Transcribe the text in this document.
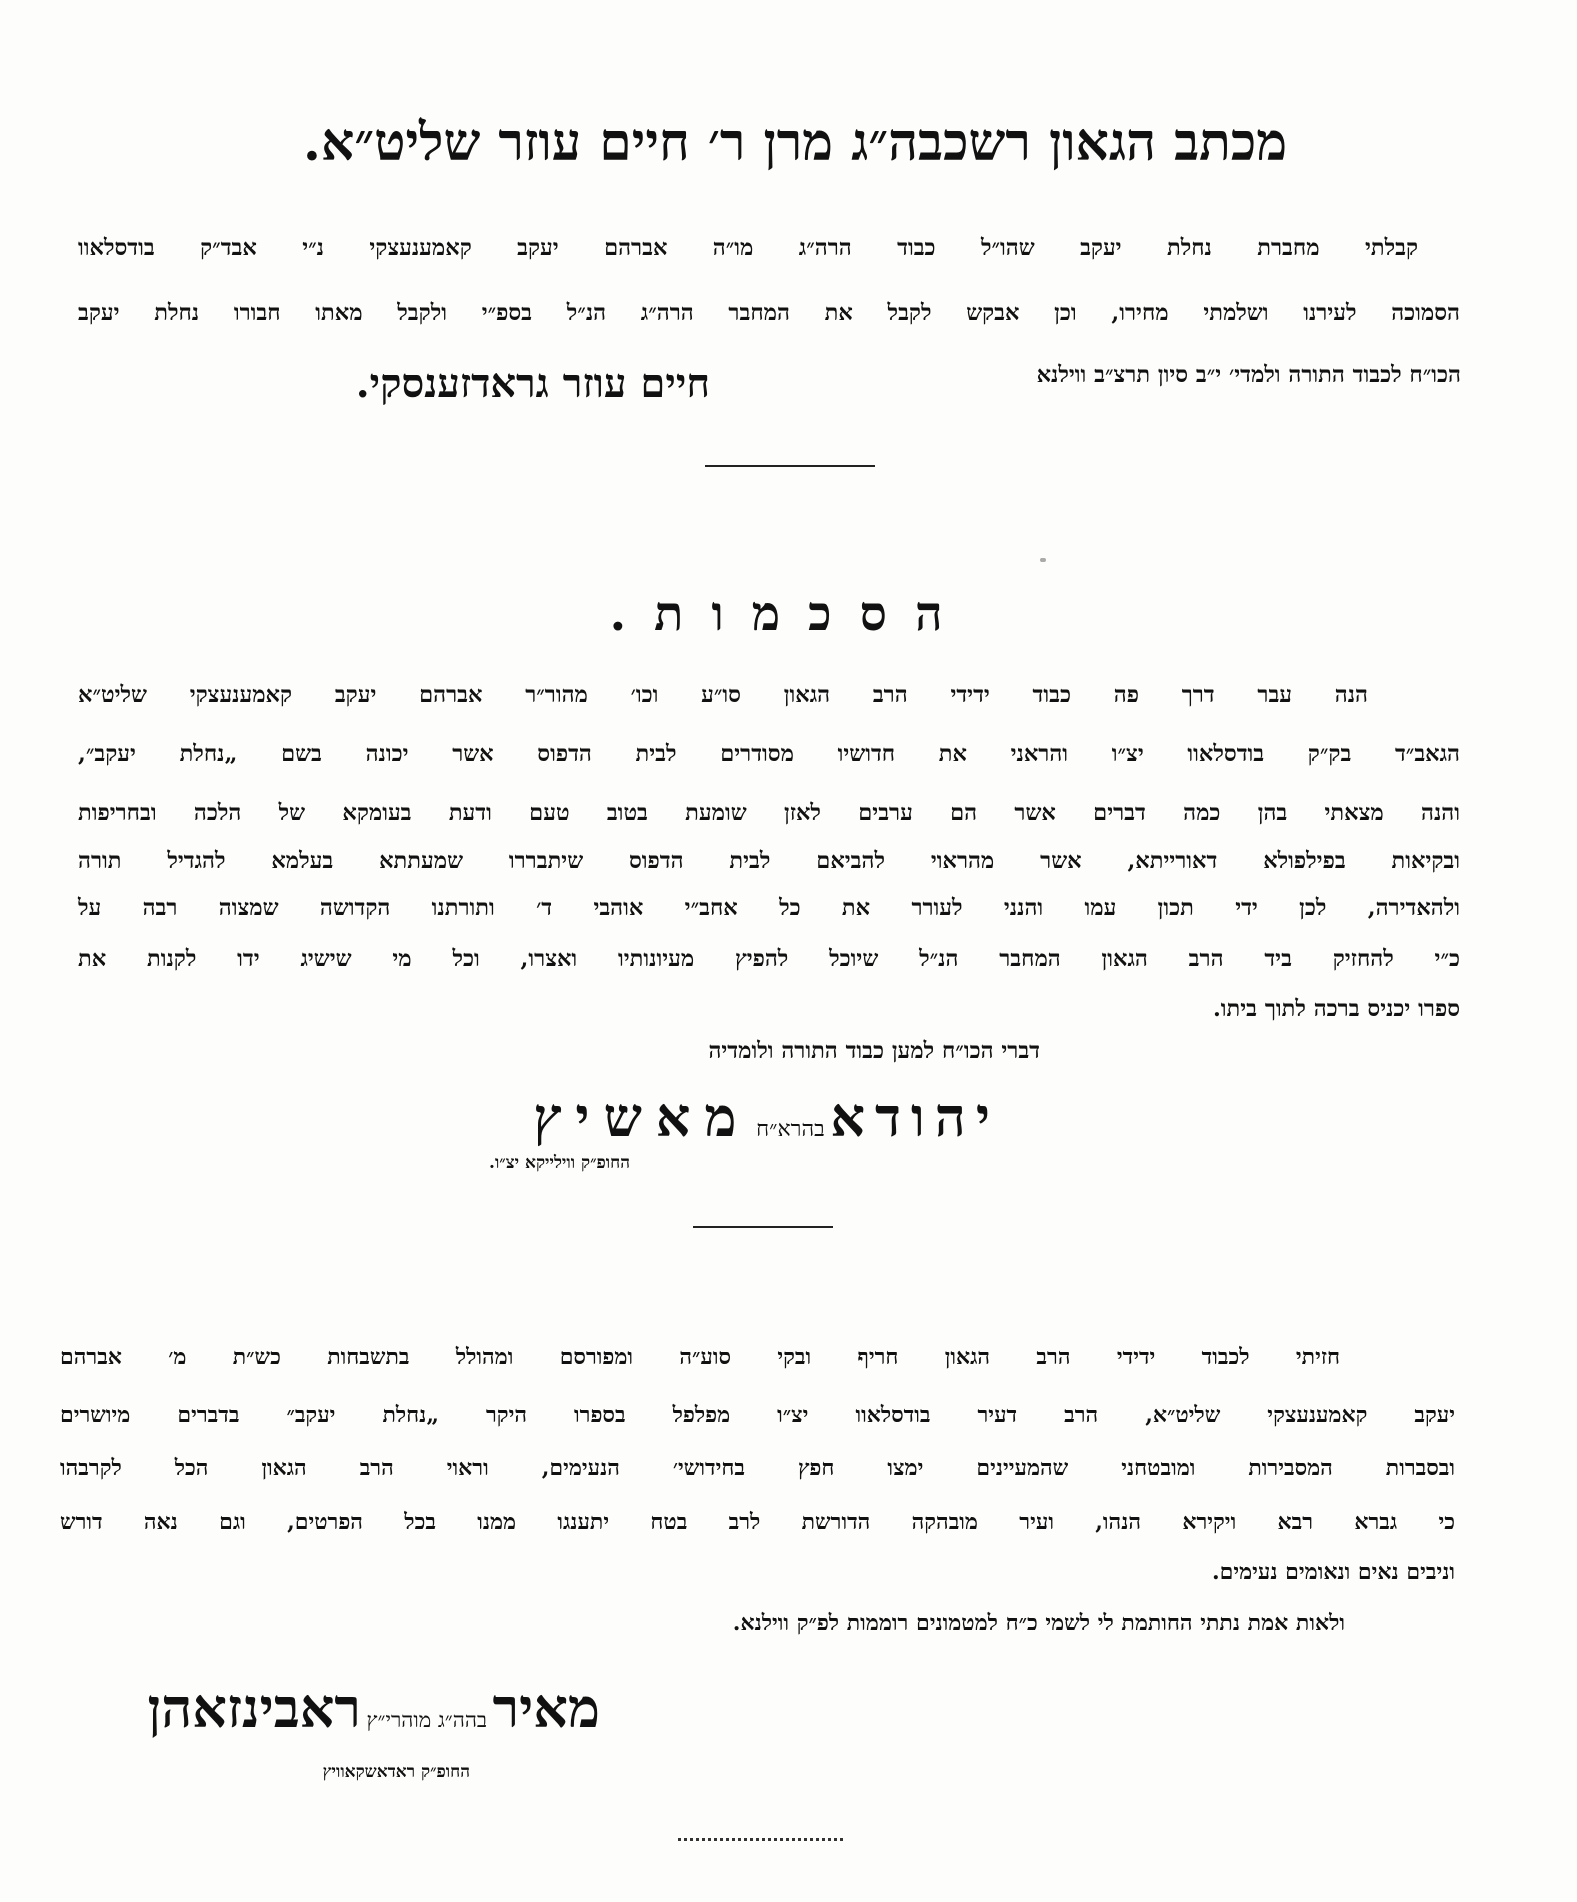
מכתב הגאון רשכבה״ג מרן ר׳ חיים עוזר שליט״א.
קבלתי מחברת נחלת יעקב שהו״ל כבוד הרה״ג מו״ה אברהם יעקב קאמענעצקי נ״י אבד״ק בודסלאוו
הסמוכה לעירנו ושלמתי מחירו, וכן אבקש לקבל את המחבר הרה״ג הנ״ל בספ״י ולקבל מאתו חבורו נחלת יעקב
הכו״ח לכבוד התורה ולמדי׳ י״ב סיון תרצ״ב ווילנא
חיים עוזר גראדזענסקי.
הסכמות.
הנה עבר דרך פה כבוד ידידי הרב הגאון סו״ע וכו׳ מהור״ר אברהם יעקב קאמענעצקי שליט״א
הגאב״ד בק״ק בודסלאוו יצ״ו והראני את חדושיו מסודרים לבית הדפוס אשר יכונה בשם „נחלת יעקב״,
והנה מצאתי בהן כמה דברים אשר הם ערבים לאזן שומעת בטוב טעם ודעת בעומקא של הלכה ובחריפות
ובקיאות בפילפולא דאורייתא, אשר מהראוי להביאם לבית הדפוס שיתבררו שמעתתא בעלמא להגדיל תורה
ולהאדירה, לכן ידי תכון עמו והנני לעורר את כל אחב״י אוהבי ד׳ ותורתנו הקדושה שמצוה רבה על
כ״י להחזיק ביד הרב הגאון המחבר הנ״ל שיוכל להפיץ מעיונותיו ואצרו, וכל מי שישיג ידו לקנות את
ספרו יכניס ברכה לתוך ביתו.
דברי הכו״ח למען כבוד התורה ולומדיה
יהודא בהרא״ח מאשיץ
החופ״ק ווילייקא יצ״ו.
חזיתי לכבוד ידידי הרב הגאון חריף ובקי סוע״ה ומפורסם ומהולל בתשבחות כש״ת מ׳ אברהם
יעקב קאמענעצקי שליט״א, הרב דעיר בודסלאוו יצ״ו מפלפל בספרו היקר „נחלת יעקב״ בדברים מיושרים
ובסברות המסבירות ומובטחני שהמעיינים ימצו חפץ בחידושי׳ הנעימים, וראוי הרב הגאון הכל לקרבהו
כי גברא רבא ויקירא הנהו, ועיר מובהקה הדורשת לרב בטח יתענגו ממנו בכל הפרטים, וגם נאה דורש
וניבים נאים ונאומים נעימים.
ולאות אמת נתתי החותמת לי לשמי כ״ח למטמונים רוממות לפ״ק ווילנא.
מאיר בהה״ג מוהרי״ץ ראבינזאהן
החופ״ק ראדאשקאוויץ
